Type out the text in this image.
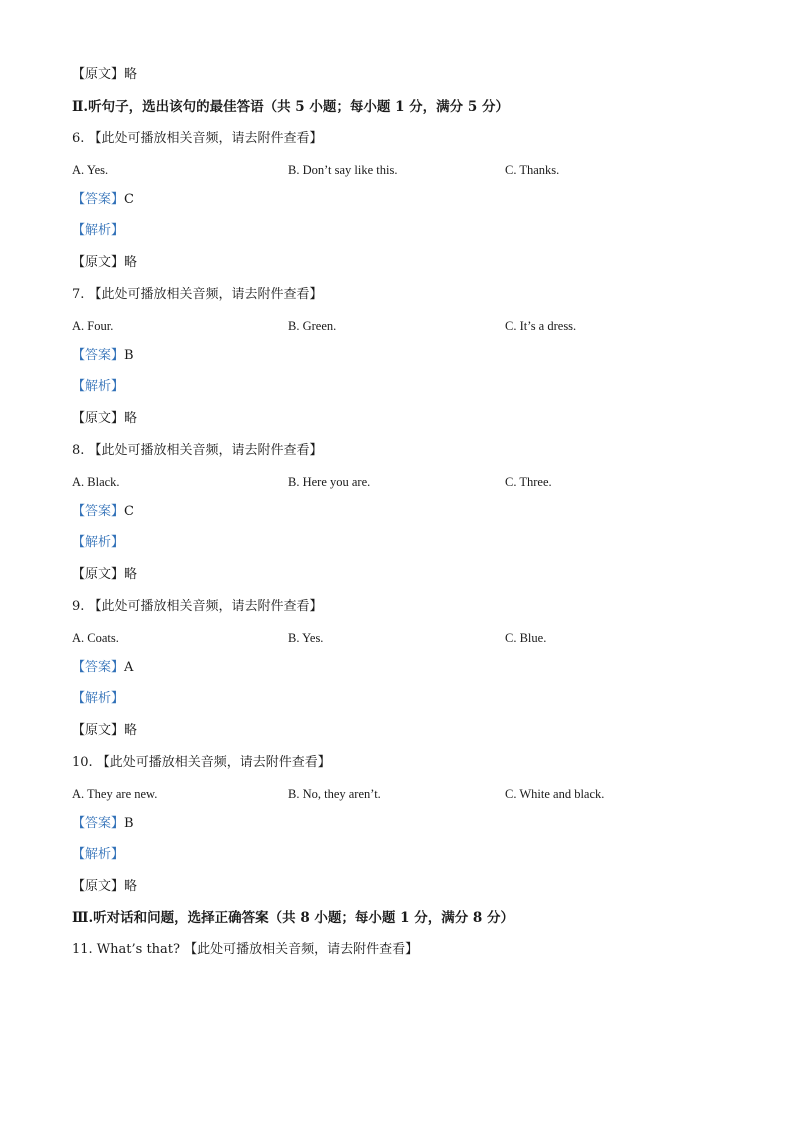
【原文】略
Ⅱ.听句子，选出该句的最佳答语（共 5 小题；每小题 1 分，满分 5 分）
6. 【此处可播放相关音频，请去附件查看】
【答案】C
【解析】
【原文】略
7. 【此处可播放相关音频，请去附件查看】
【答案】B
【解析】
【原文】略
8. 【此处可播放相关音频，请去附件查看】
【答案】C
【解析】
【原文】略
9. 【此处可播放相关音频，请去附件查看】
【答案】A
【解析】
【原文】略
10. 【此处可播放相关音频，请去附件查看】
【答案】B
【解析】
【原文】略
Ⅲ.听对话和问题，选择正确答案（共 8 小题；每小题 1 分，满分 8 分）
11. What’s that? 【此处可播放相关音频，请去附件查看】
A. Yes.	B. Don’t say like this.	C. Thanks.
A. Four.	B. Green.	C. It’s a dress.
A. Black.	B. Here you are.	C. Three.
A. Coats.	B. Yes.	C. Blue.
A. They are new.	B. No, they aren’t.	C. White and black.
